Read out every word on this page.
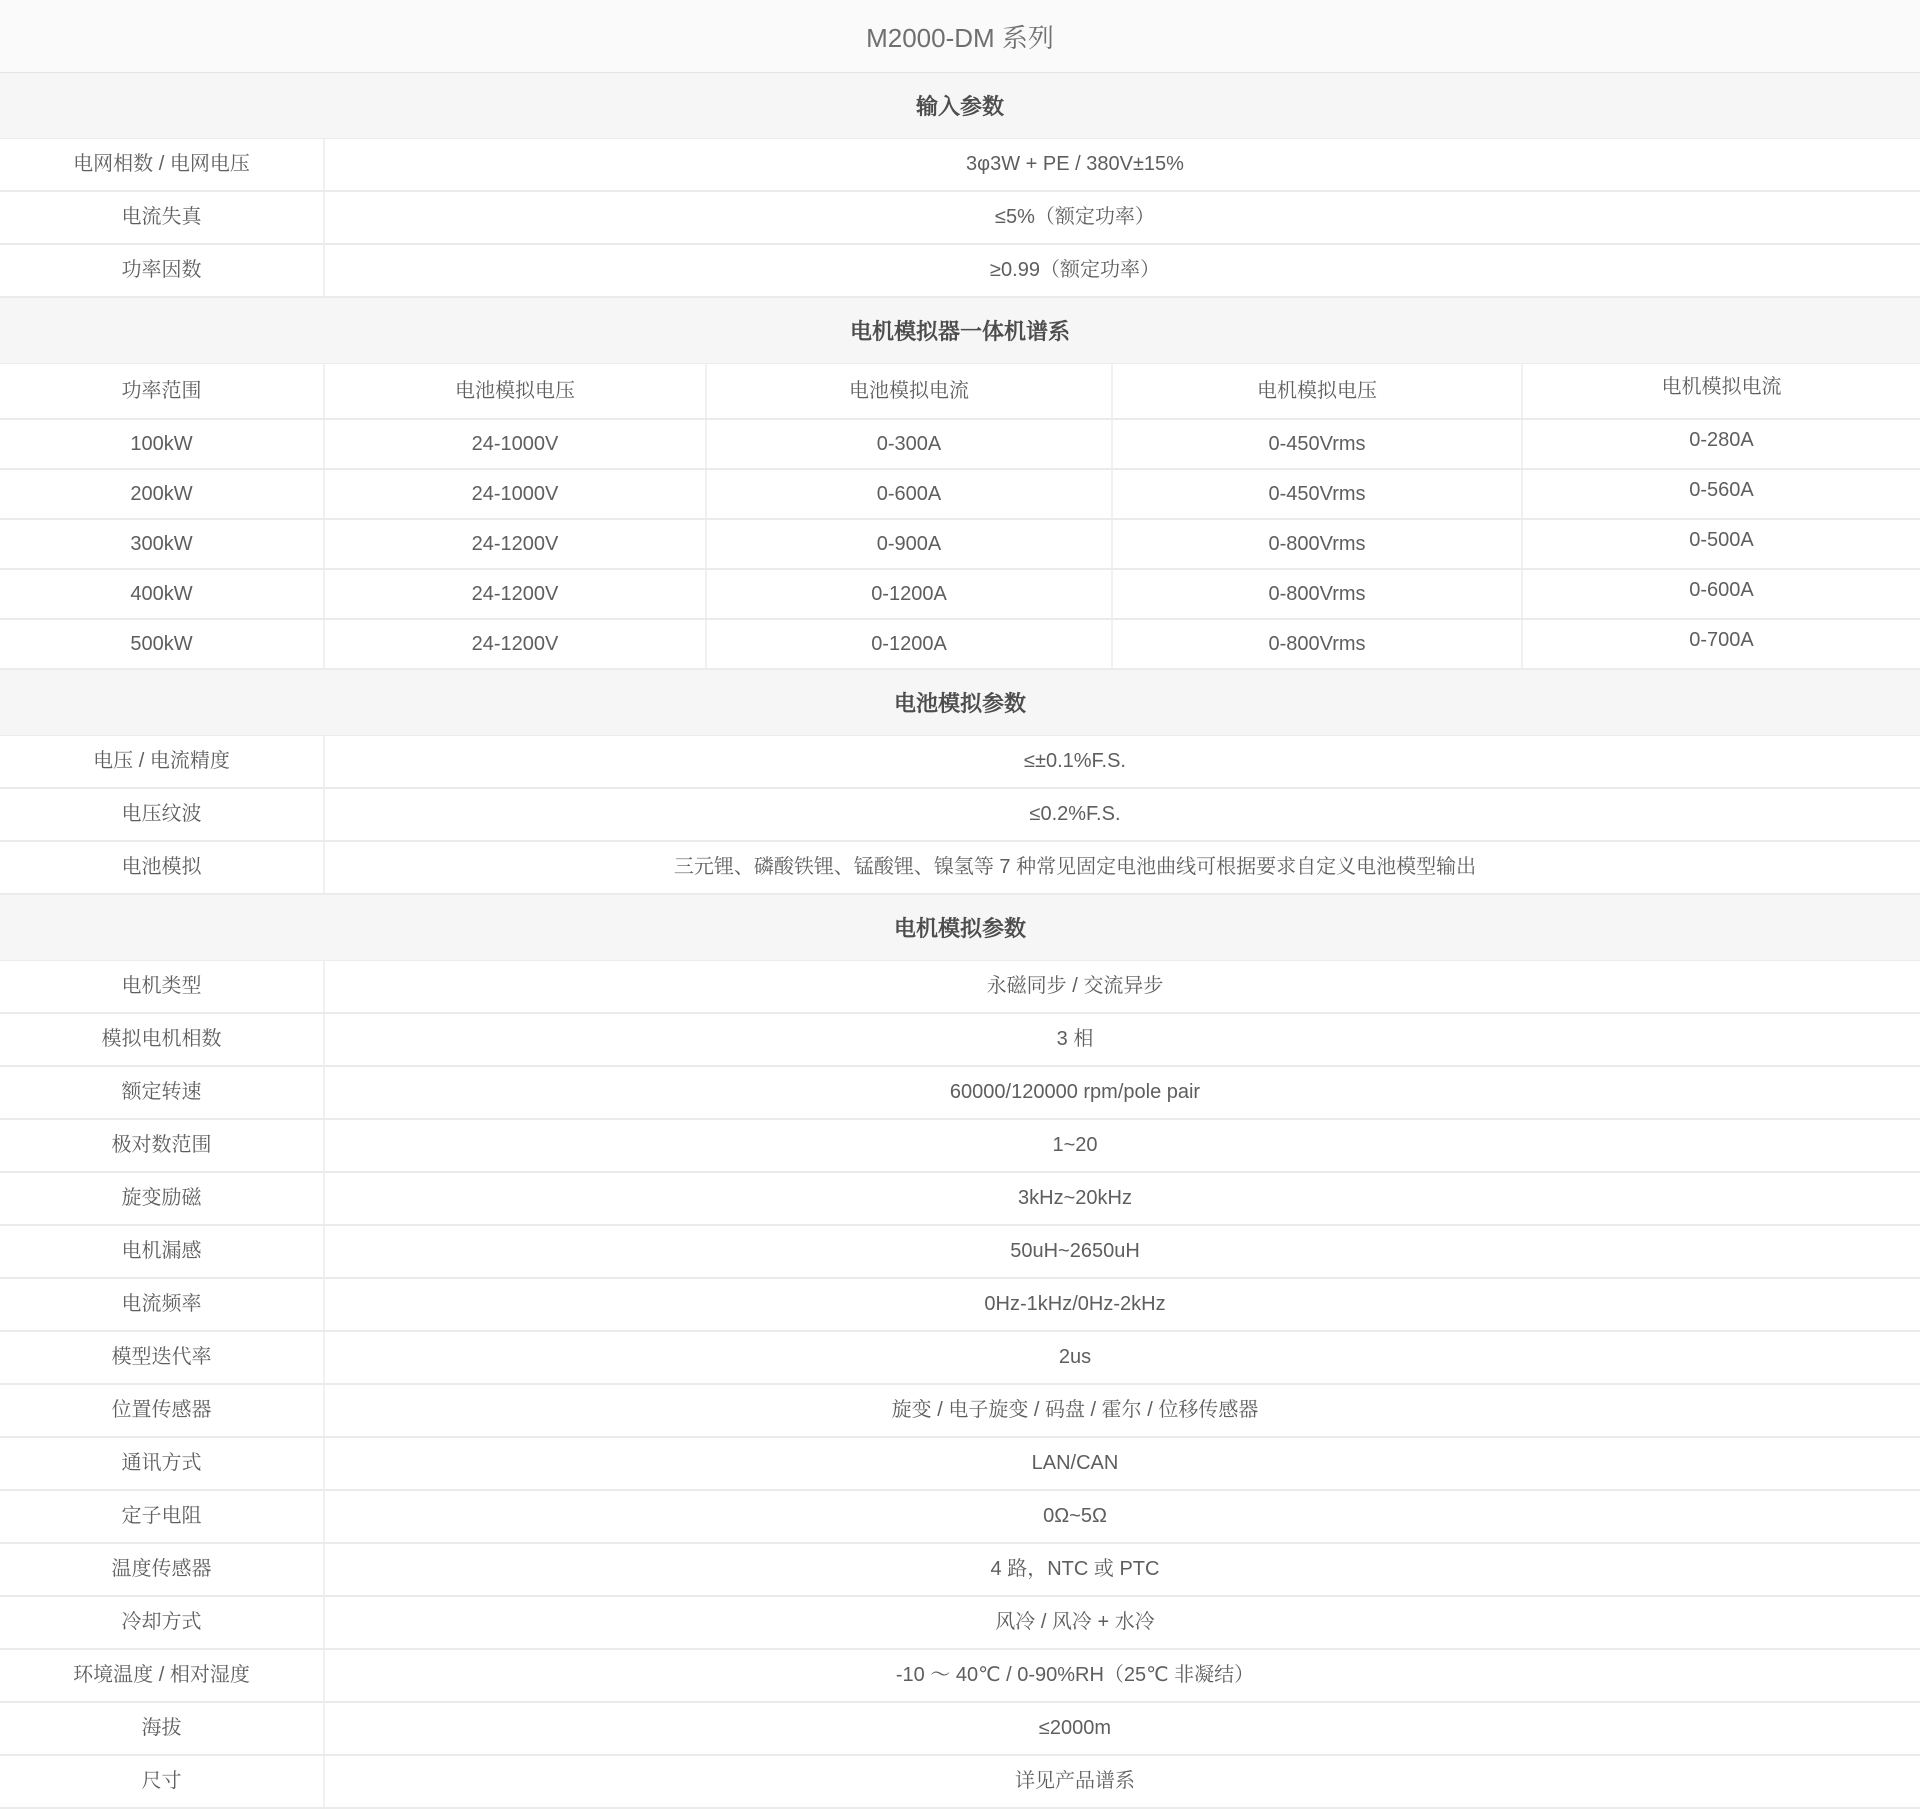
M2000-DM 系列
输入参数
电网相数 / 电网电压	3φ3W + PE / 380V±15%
电流失真	≤5%（额定功率）
功率因数	≥0.99（额定功率）
电机模拟器一体机谱系
功率范围	电池模拟电压	电池模拟电流	电机模拟电压	电机模拟电流
100kW	24-1000V	0-300A	0-450Vrms	0-280A
200kW	24-1000V	0-600A	0-450Vrms	0-560A
300kW	24-1200V	0-900A	0-800Vrms	0-500A
400kW	24-1200V	0-1200A	0-800Vrms	0-600A
500kW	24-1200V	0-1200A	0-800Vrms	0-700A
电池模拟参数
电压 / 电流精度	≤±0.1%F.S.
电压纹波	≤0.2%F.S.
电池模拟	三元锂、磷酸铁锂、锰酸锂、镍氢等 7 种常见固定电池曲线可根据要求自定义电池模型输出
电机模拟参数
电机类型	永磁同步 / 交流异步
模拟电机相数	3 相
额定转速	60000/120000 rpm/pole pair
极对数范围	1~20
旋变励磁	3kHz~20kHz
电机漏感	50uH~2650uH
电流频率	0Hz-1kHz/0Hz-2kHz
模型迭代率	2us
位置传感器	旋变 / 电子旋变 / 码盘 / 霍尔 / 位移传感器
通讯方式	LAN/CAN
定子电阻	0Ω~5Ω
温度传感器	4 路，NTC 或 PTC
冷却方式	风冷 / 风冷 + 水冷
环境温度 / 相对湿度	-10 ～ 40℃ / 0-90%RH（25℃ 非凝结）
海拔	≤2000m
尺寸	详见产品谱系
